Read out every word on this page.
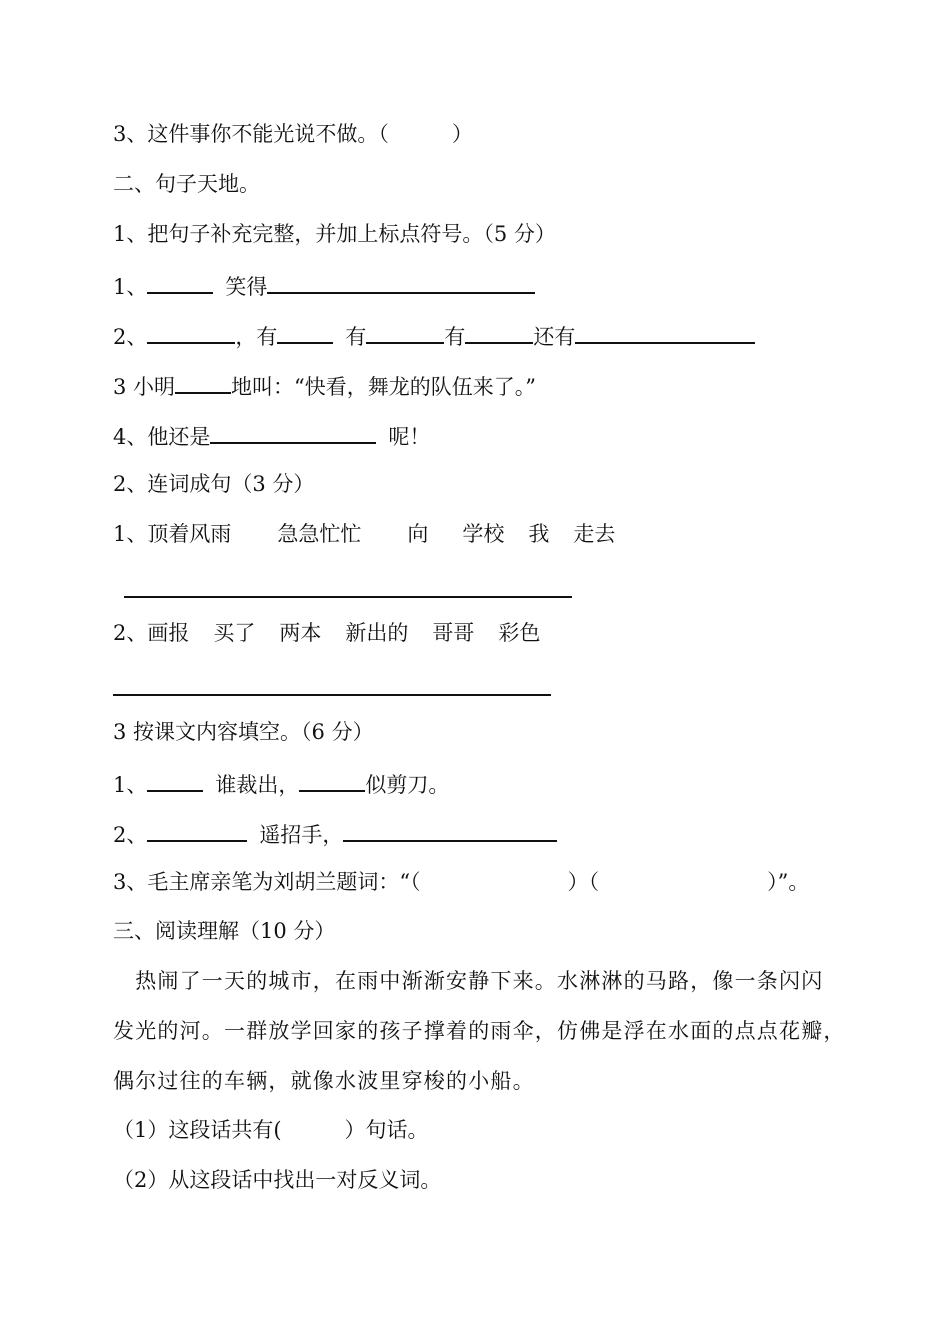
3、这件事你不能光说不做。（　　　）
二、句子天地。
1、把句子补充完整，并加上标点符号。（5 分）
1、	笑得
2、	，有	有	有	还有
3 小明	地叫：“快看，舞龙的队伍来了。”
4、他还是	呢！
2、连词成句（3 分）
1、顶着风雨 急急忙忙 向 学校 我 走去
2、画报 买了 两本 新出的 哥哥 彩色
3 按课文内容填空。（6 分）
1、	谁裁出，	似剪刀。
2、	遥招手，
3、毛主席亲笔为刘胡兰题词：“（　　　　　　　）（　　　　　　　　）”。
三、阅读理解（10 分）
　热闹了一天的城市，在雨中渐渐安静下来。水淋淋的马路，像一条闪闪
发光的河。一群放学回家的孩子撑着的雨伞，仿佛是浮在水面的点点花瓣，
偶尔过往的车辆，就像水波里穿梭的小船。
（1）这段话共有(　　　）句话。
（2）从这段话中找出一对反义词。
